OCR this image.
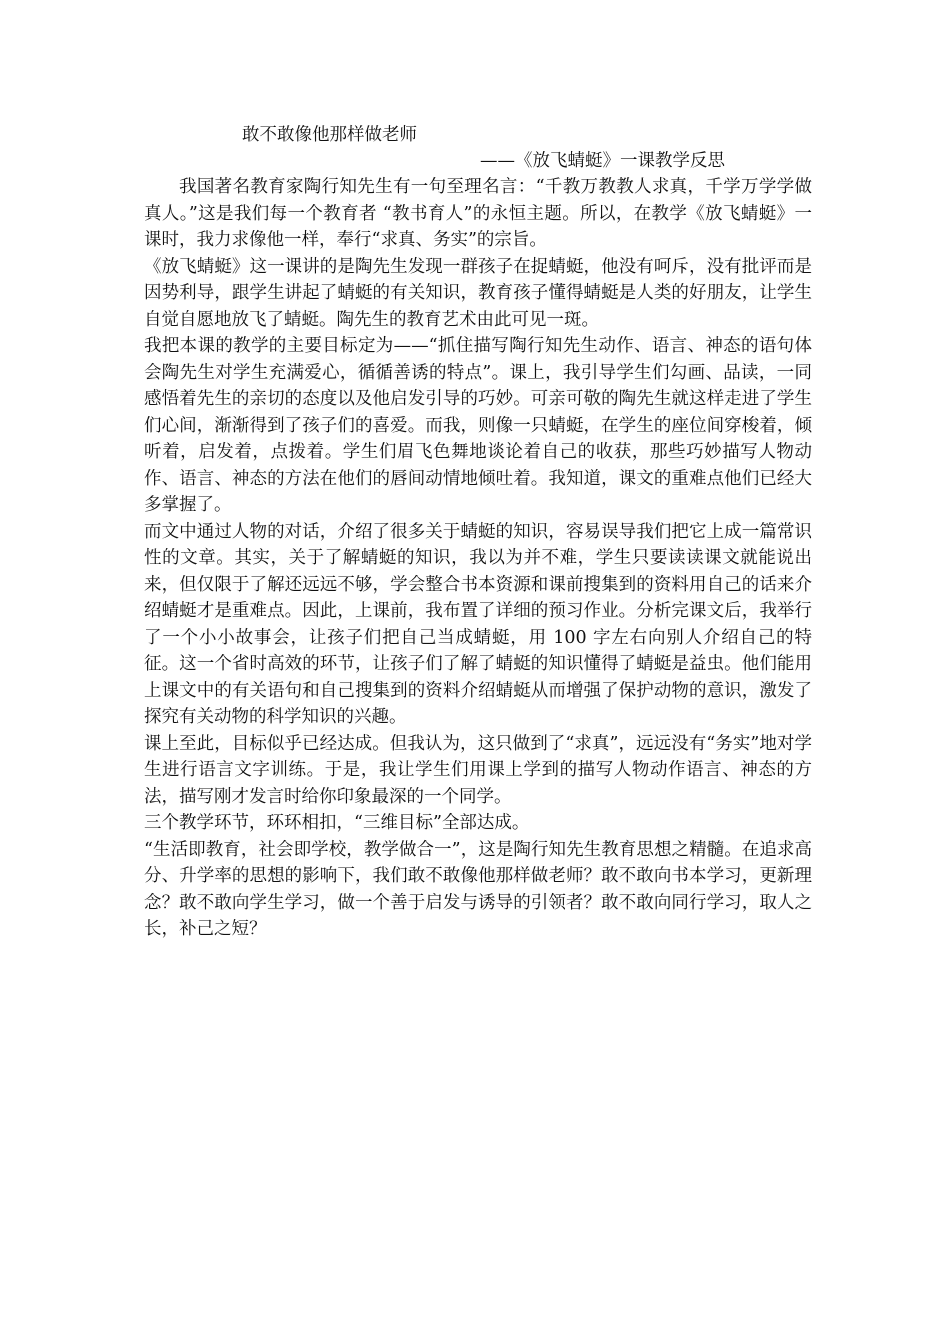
敢不敢像他那样做老师
——《放飞蜻蜓》一课教学反思

我国著名教育家陶行知先生有一句至理名言：“千教万教教人求真，千学万学学做真人。”这是我们每一个教育者 “教书育人”的永恒主题。所以，在教学《放飞蜻蜓》一课时，我力求像他一样，奉行“求真、务实”的宗旨。

《放飞蜻蜓》这一课讲的是陶先生发现一群孩子在捉蜻蜓，他没有呵斥，没有批评而是因势利导，跟学生讲起了蜻蜓的有关知识，教育孩子懂得蜻蜓是人类的好朋友，让学生自觉自愿地放飞了蜻蜓。陶先生的教育艺术由此可见一斑。

我把本课的教学的主要目标定为——“抓住描写陶行知先生动作、语言、神态的语句体会陶先生对学生充满爱心，循循善诱的特点”。课上，我引导学生们勾画、品读，一同感悟着先生的亲切的态度以及他启发引导的巧妙。可亲可敬的陶先生就这样走进了学生们心间，渐渐得到了孩子们的喜爱。而我，则像一只蜻蜓，在学生的座位间穿梭着，倾听着，启发着，点拨着。学生们眉飞色舞地谈论着自己的收获，那些巧妙描写人物动作、语言、神态的方法在他们的唇间动情地倾吐着。我知道，课文的重难点他们已经大多掌握了。

而文中通过人物的对话，介绍了很多关于蜻蜓的知识，容易误导我们把它上成一篇常识性的文章。其实，关于了解蜻蜓的知识，我以为并不难，学生只要读读课文就能说出来，但仅限于了解还远远不够，学会整合书本资源和课前搜集到的资料用自己的话来介绍蜻蜓才是重难点。因此，上课前，我布置了详细的预习作业。分析完课文后，我举行了一个小小故事会，让孩子们把自己当成蜻蜓，用 100 字左右向别人介绍自己的特征。这一个省时高效的环节，让孩子们了解了蜻蜓的知识懂得了蜻蜓是益虫。他们能用上课文中的有关语句和自己搜集到的资料介绍蜻蜓从而增强了保护动物的意识，激发了探究有关动物的科学知识的兴趣。

课上至此，目标似乎已经达成。但我认为，这只做到了“求真”，远远没有“务实”地对学生进行语言文字训练。于是，我让学生们用课上学到的描写人物动作语言、神态的方法，描写刚才发言时给你印象最深的一个同学。

三个教学环节，环环相扣，“三维目标”全部达成。

“生活即教育，社会即学校，教学做合一”，这是陶行知先生教育思想之精髓。在追求高分、升学率的思想的影响下，我们敢不敢像他那样做老师？敢不敢向书本学习，更新理念？敢不敢向学生学习，做一个善于启发与诱导的引领者？敢不敢向同行学习，取人之长，补己之短？
